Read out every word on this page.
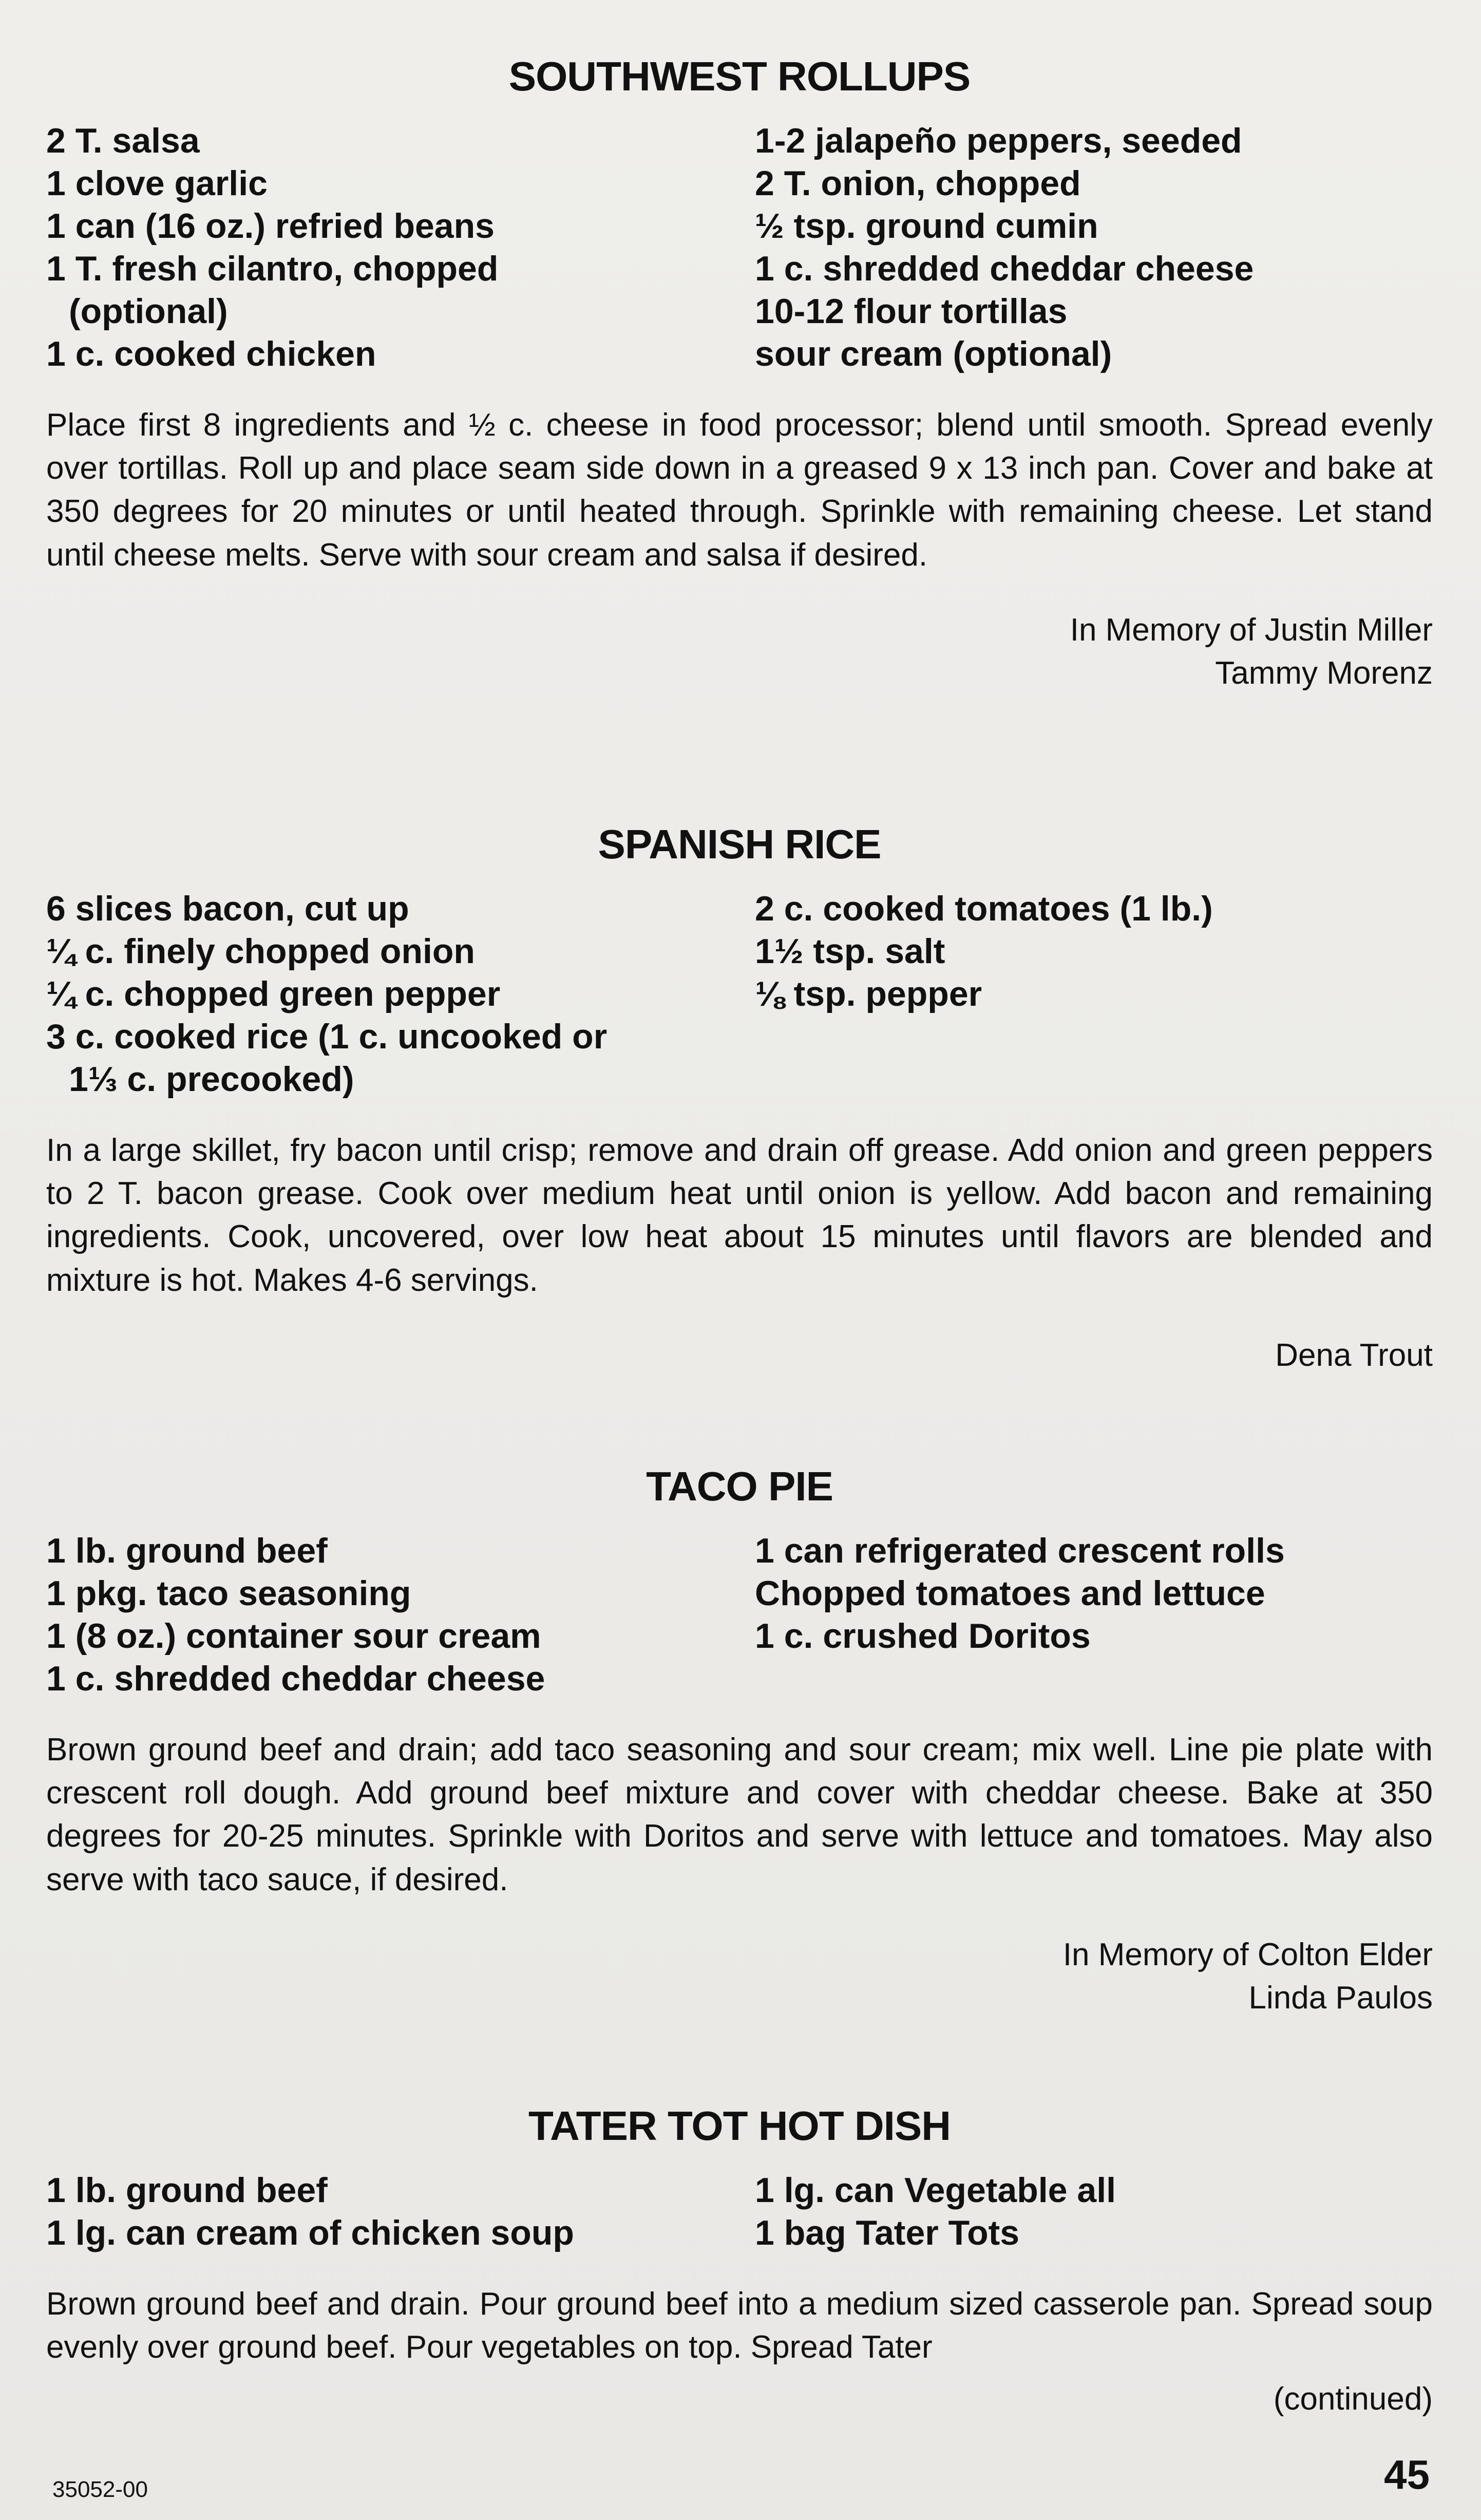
SOUTHWEST ROLLUPS
2 T. salsa
1 clove garlic
1 can (16 oz.) refried beans
1 T. fresh cilantro, chopped
(optional)
1 c. cooked chicken
1-2 jalapeño peppers, seeded
2 T. onion, chopped
½ tsp. ground cumin
1 c. shredded cheddar cheese
10-12 flour tortillas
sour cream (optional)

Place first 8 ingredients and ½ c. cheese in food processor; blend until smooth. Spread evenly over tortillas. Roll up and place seam side down in a greased 9 x 13 inch pan. Cover and bake at 350 degrees for 20 minutes or until heated through. Sprinkle with remaining cheese. Let stand until cheese melts. Serve with sour cream and salsa if desired.

In Memory of Justin Miller
Tammy Morenz
SPANISH RICE
6 slices bacon, cut up
¼ c. finely chopped onion
¼ c. chopped green pepper
3 c. cooked rice (1 c. uncooked or
1⅓ c. precooked)
2 c. cooked tomatoes (1 lb.)
1½ tsp. salt
⅛ tsp. pepper

In a large skillet, fry bacon until crisp; remove and drain off grease. Add onion and green peppers to 2 T. bacon grease. Cook over medium heat until onion is yellow. Add bacon and remaining ingredients. Cook, uncovered, over low heat about 15 minutes until flavors are blended and mixture is hot. Makes 4-6 servings.

Dena Trout
TACO PIE
1 lb. ground beef
1 pkg. taco seasoning
1 (8 oz.) container sour cream
1 c. shredded cheddar cheese
1 can refrigerated crescent rolls
Chopped tomatoes and lettuce
1 c. crushed Doritos

Brown ground beef and drain; add taco seasoning and sour cream; mix well. Line pie plate with crescent roll dough. Add ground beef mixture and cover with cheddar cheese. Bake at 350 degrees for 20-25 minutes. Sprinkle with Doritos and serve with lettuce and tomatoes. May also serve with taco sauce, if desired.

In Memory of Colton Elder
Linda Paulos
TATER TOT HOT DISH
1 lb. ground beef
1 lg. can cream of chicken soup
1 lg. can Vegetable all
1 bag Tater Tots

Brown ground beef and drain. Pour ground beef into a medium sized casserole pan. Spread soup evenly over ground beef. Pour vegetables on top. Spread Tater

(continued)
35052-00	45
